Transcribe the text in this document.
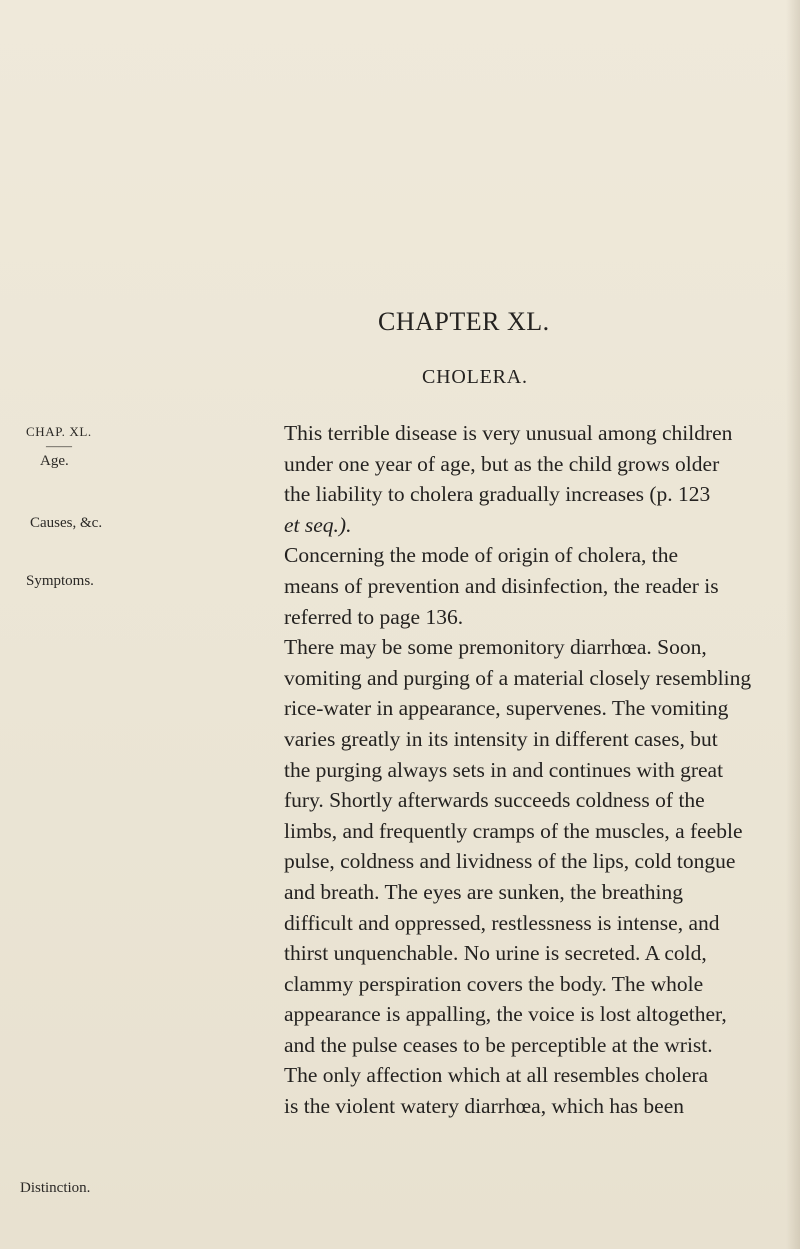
CHAPTER XL.
CHOLERA.
CHAP. XL.
——
Age.
Causes, &c.
Symptoms.
Distinction.
This terrible disease is very unusual among children
under one year of age, but as the child grows older
the liability to cholera gradually increases (p. 123
et seq.).
Concerning the mode of origin of cholera, the
means of prevention and disinfection, the reader is
referred to page 136.
There may be some premonitory diarrhœa. Soon,
vomiting and purging of a material closely resembling
rice-water in appearance, supervenes. The vomiting
varies greatly in its intensity in different cases, but
the purging always sets in and continues with great
fury. Shortly afterwards succeeds coldness of the
limbs, and frequently cramps of the muscles, a feeble
pulse, coldness and lividness of the lips, cold tongue
and breath. The eyes are sunken, the breathing
difficult and oppressed, restlessness is intense, and
thirst unquenchable. No urine is secreted. A cold,
clammy perspiration covers the body. The whole
appearance is appalling, the voice is lost altogether,
and the pulse ceases to be perceptible at the wrist.
The only affection which at all resembles cholera
is the violent watery diarrhœa, which has been
